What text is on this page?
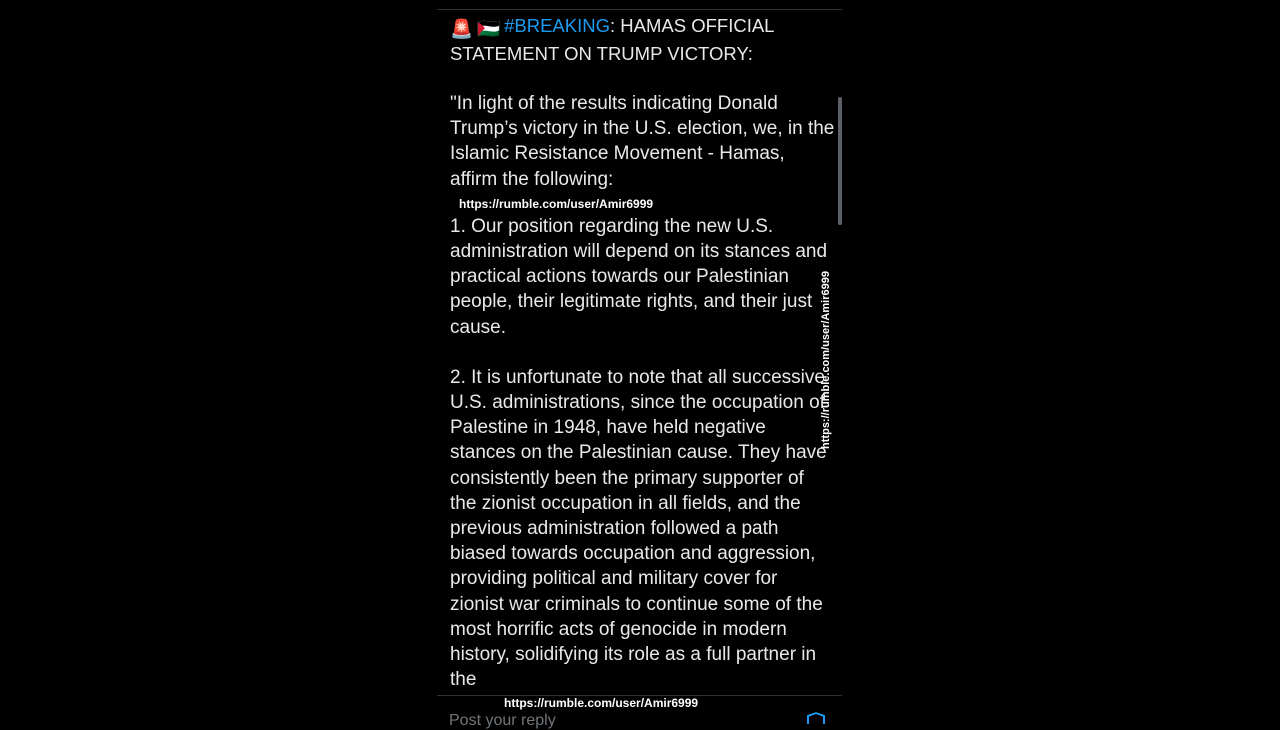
🚨 🇵🇸 #BREAKING: HAMAS OFFICIAL STATEMENT ON TRUMP VICTORY:

"In light of the results indicating Donald Trump’s victory in the U.S. election, we, in the Islamic Resistance Movement - Hamas, affirm the following:

https://rumble.com/user/Amir6999

1. Our position regarding the new U.S. administration will depend on its stances and practical actions towards our Palestinian people, their legitimate rights, and their just cause.

2. It is unfortunate to note that all successive U.S. administrations, since the occupation of Palestine in 1948, have held negative stances on the Palestinian cause. They have consistently been the primary supporter of the zionist occupation in all fields, and the previous administration followed a path biased towards occupation and aggression, providing political and military cover for zionist war criminals to continue some of the most horrific acts of genocide in modern history, solidifying its role as a full partner in the

https://rumble.com/user/Amir6999
Post your reply
https://rumble.com/user/Amir6999
